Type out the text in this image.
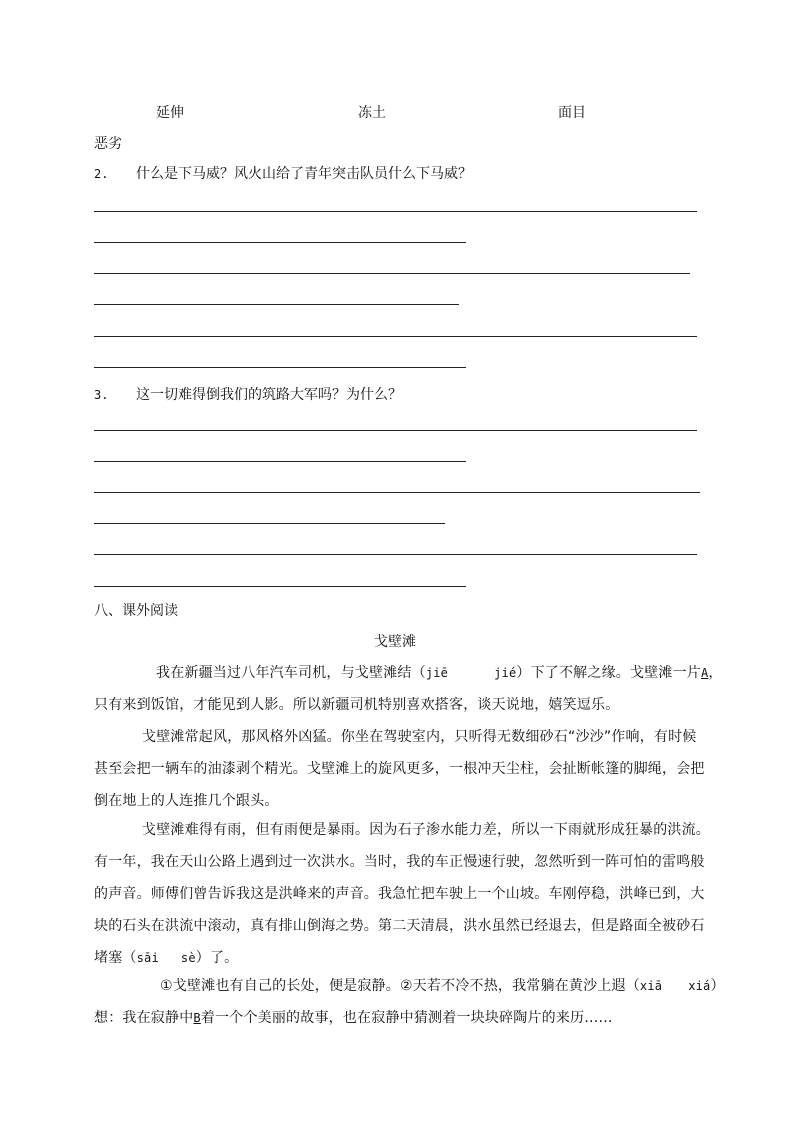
延伸	冻土	面目
恶劣
2. 什么是下马威？风火山给了青年突击队员什么下马威？
3. 这一切难得倒我们的筑路大军吗？为什么？
八、课外阅读
戈壁滩
我在新疆当过八年汽车司机，与戈壁滩结（jiē	jié）下了不解之缘。戈壁滩一片A，
只有来到饭馆，才能见到人影。所以新疆司机特别喜欢搭客，谈天说地，嬉笑逗乐。
戈壁滩常起风，那风格外凶猛。你坐在驾驶室内，只听得无数细砂石“沙沙”作响，有时候
甚至会把一辆车的油漆剥个精光。戈壁滩上的旋风更多，一根冲天尘柱，会扯断帐篷的脚绳，会把
倒在地上的人连推几个跟头。
戈壁滩难得有雨，但有雨便是暴雨。因为石子渗水能力差，所以一下雨就形成狂暴的洪流。
有一年，我在天山公路上遇到过一次洪水。当时，我的车正慢速行驶，忽然听到一阵可怕的雷鸣般
的声音。师傅们曾告诉我这是洪峰来的声音。我急忙把车驶上一个山坡。车刚停稳，洪峰已到，大
块的石头在洪流中滚动，真有排山倒海之势。第二天清晨，洪水虽然已经退去，但是路面全被砂石
堵塞（sāi sè）了。
①戈壁滩也有自己的长处，便是寂静。②天若不冷不热，我常躺在黄沙上遐（xiā xiá）
想：我在寂静中B着一个个美丽的故事，也在寂静中猜测着一块块碎陶片的来历……
